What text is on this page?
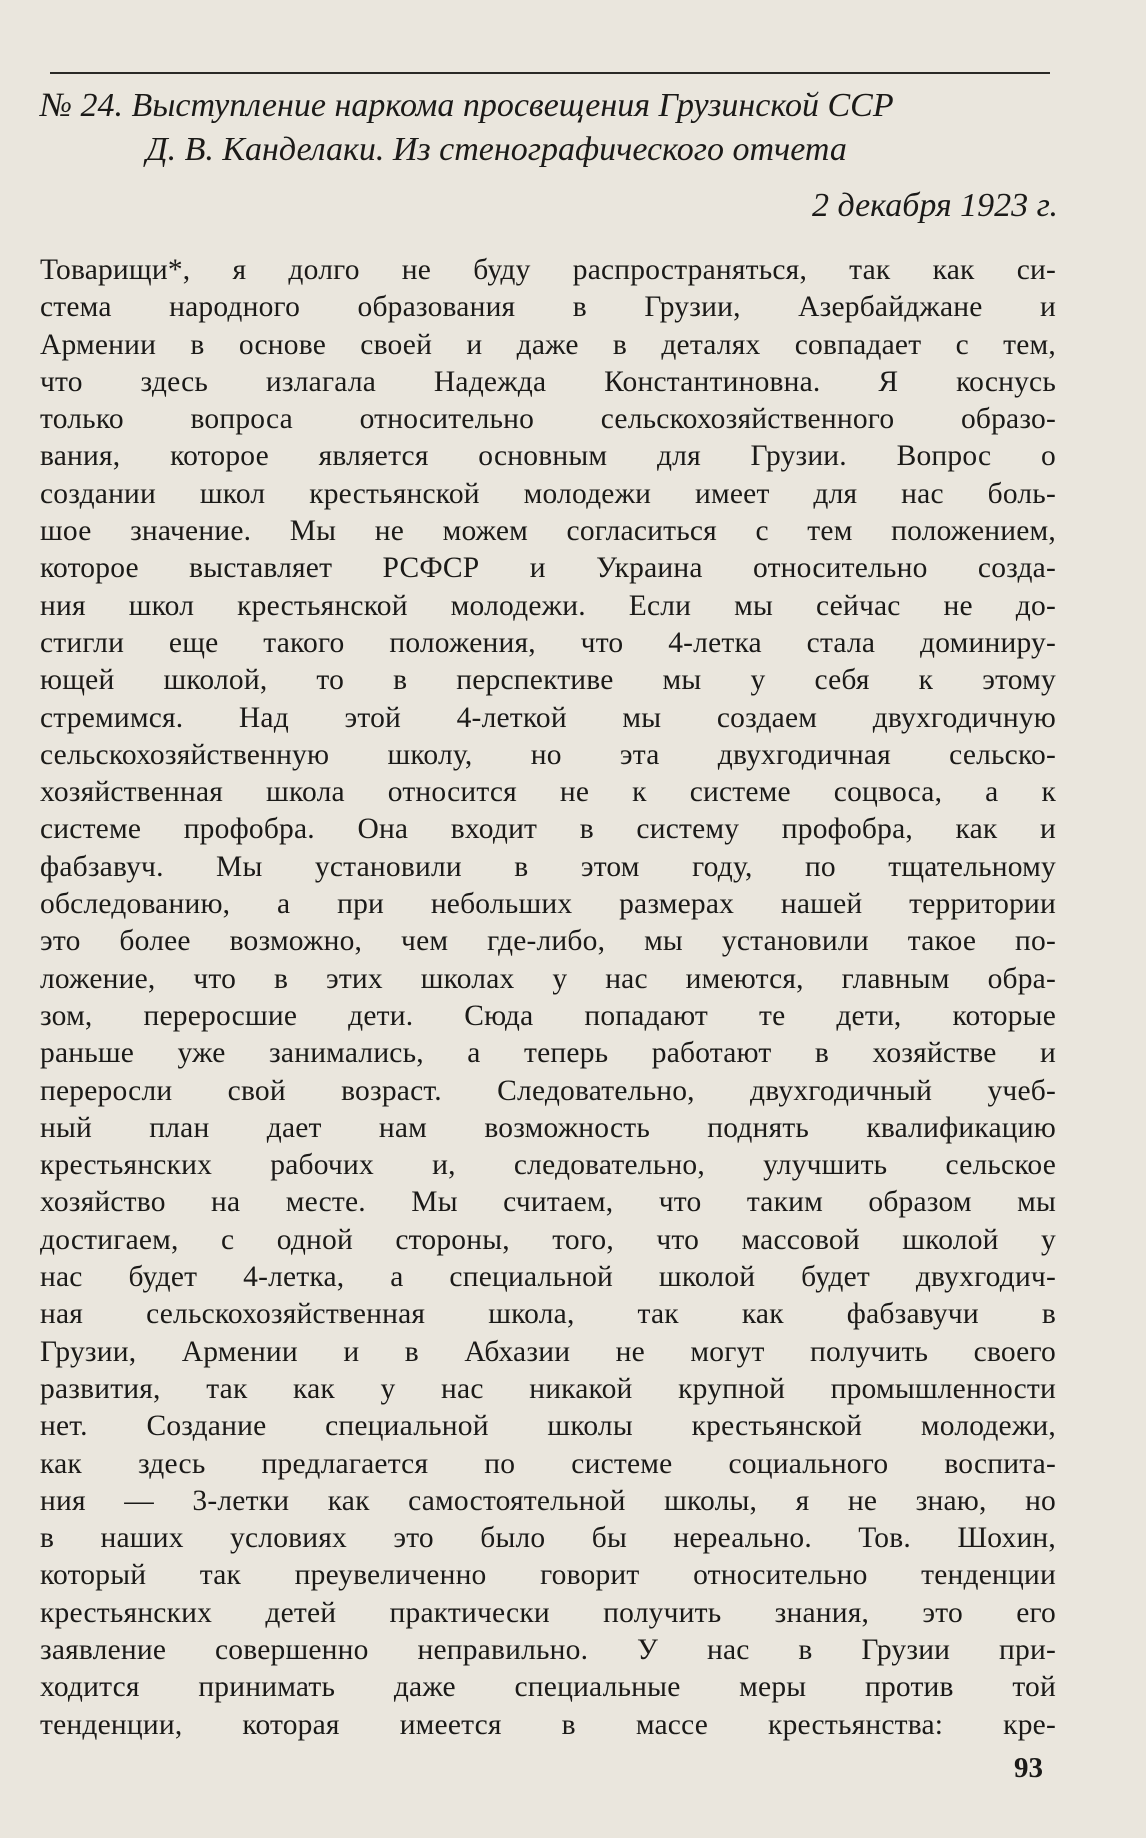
№ 24. Выступление наркома просвещения Грузинской ССР
Д. В. Канделаки. Из стенографического отчета
2 декабря 1923 г.
Товарищи*, я долго не буду распространяться, так как си-
стема народного образования в Грузии, Азербайджане и
Армении в основе своей и даже в деталях совпадает с тем,
что здесь излагала Надежда Константиновна. Я коснусь
только вопроса относительно сельскохозяйственного образо-
вания, которое является основным для Грузии. Вопрос о
создании школ крестьянской молодежи имеет для нас боль-
шое значение. Мы не можем согласиться с тем положением,
которое выставляет РСФСР и Украина относительно созда-
ния школ крестьянской молодежи. Если мы сейчас не до-
стигли еще такого положения, что 4-летка стала доминиру-
ющей школой, то в перспективе мы у себя к этому
стремимся. Над этой 4-леткой мы создаем двухгодичную
сельскохозяйственную школу, но эта двухгодичная сельско-
хозяйственная школа относится не к системе соцвоса, а к
системе профобра. Она входит в систему профобра, как и
фабзавуч. Мы установили в этом году, по тщательному
обследованию, а при небольших размерах нашей территории
это более возможно, чем где-либо, мы установили такое по-
ложение, что в этих школах у нас имеются, главным обра-
зом, переросшие дети. Сюда попадают те дети, которые
раньше уже занимались, а теперь работают в хозяйстве и
переросли свой возраст. Следовательно, двухгодичный учеб-
ный план дает нам возможность поднять квалификацию
крестьянских рабочих и, следовательно, улучшить сельское
хозяйство на месте. Мы считаем, что таким образом мы
достигаем, с одной стороны, того, что массовой школой у
нас будет 4-летка, а специальной школой будет двухгодич-
ная сельскохозяйственная школа, так как фабзавучи в
Грузии, Армении и в Абхазии не могут получить своего
развития, так как у нас никакой крупной промышленности
нет. Создание специальной школы крестьянской молодежи,
как здесь предлагается по системе социального воспита-
ния — 3-летки как самостоятельной школы, я не знаю, но
в наших условиях это было бы нереально. Тов. Шохин,
который так преувеличенно говорит относительно тенденции
крестьянских детей практически получить знания, это его
заявление совершенно неправильно. У нас в Грузии при-
ходится принимать даже специальные меры против той
тенденции, которая имеется в массе крестьянства: кре-
93
